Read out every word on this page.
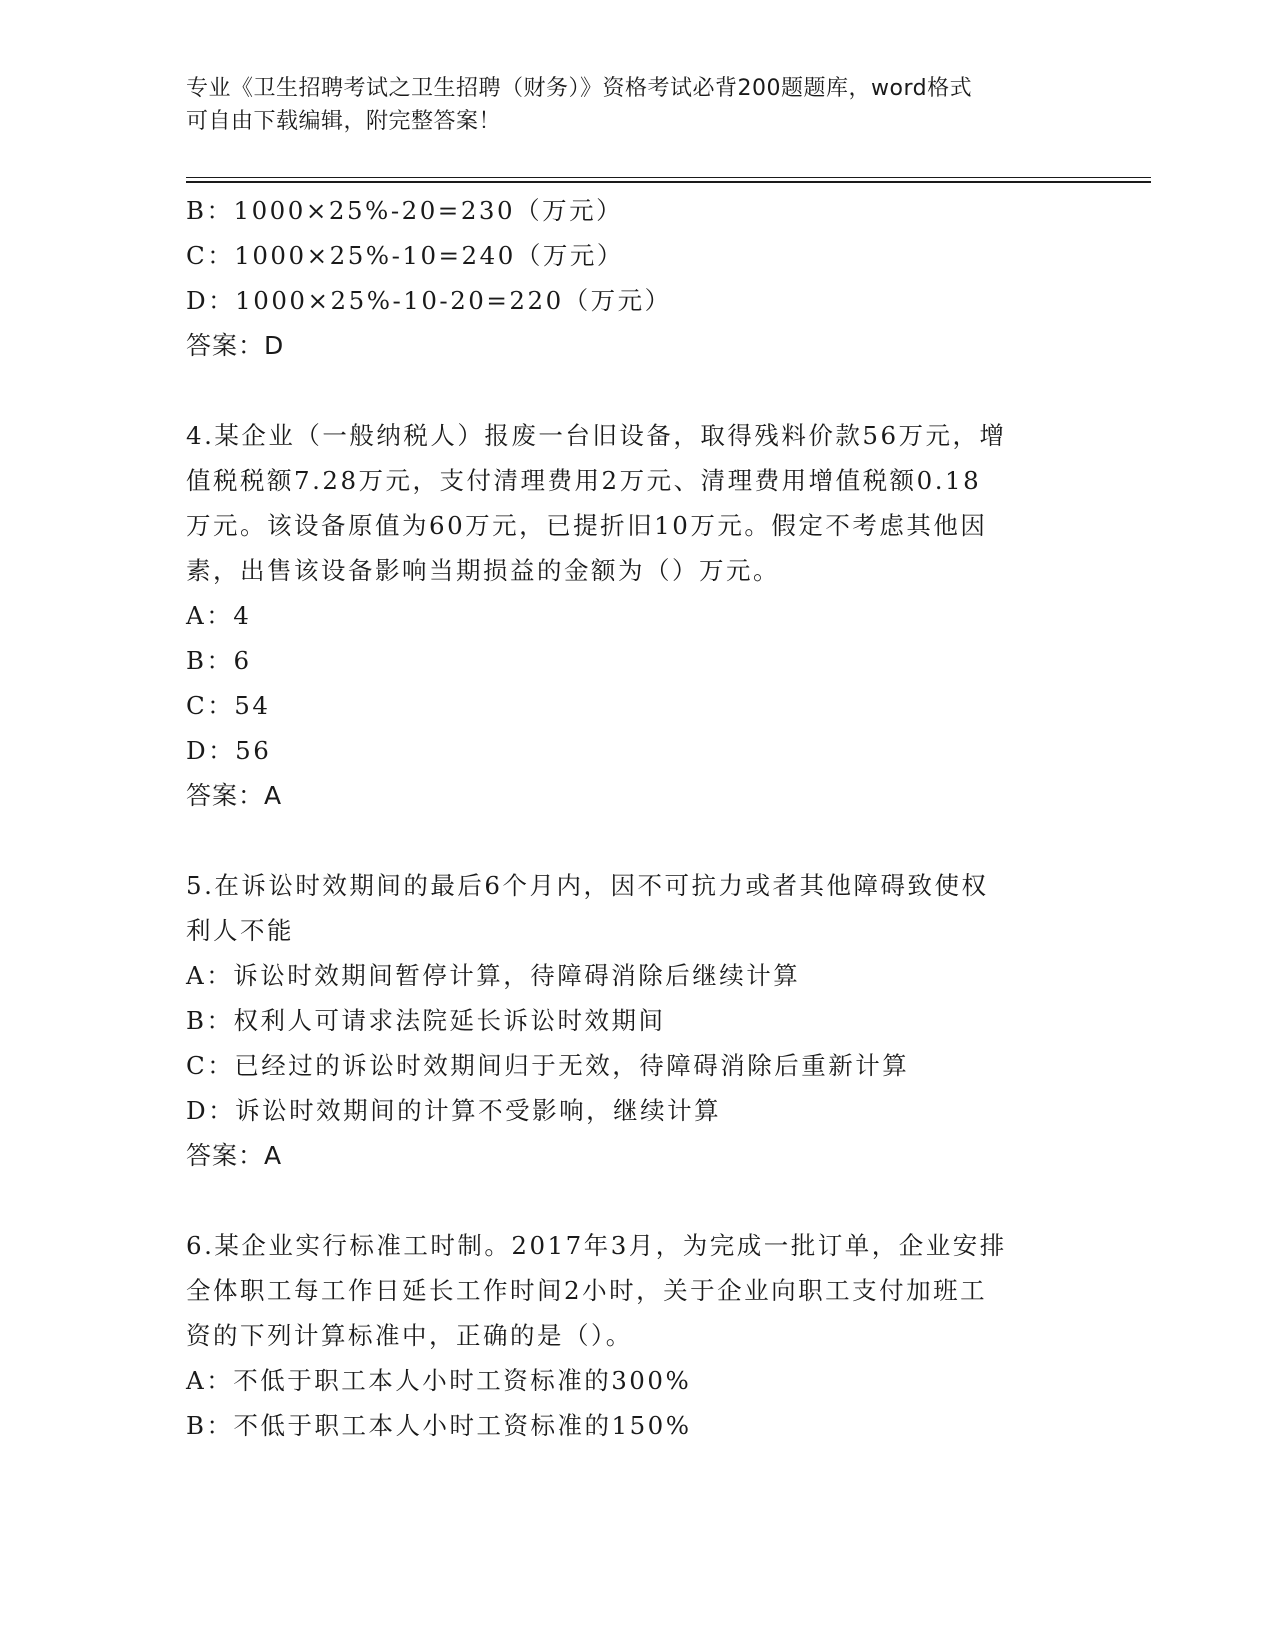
专业《卫生招聘考试之卫生招聘（财务）》资格考试必背200题题库，word格式
可自由下载编辑，附完整答案！
B：1000×25%-20=230（万元）
C：1000×25%-10=240（万元）
D：1000×25%-10-20=220（万元）
答案：D
4.某企业（一般纳税人）报废一台旧设备，取得残料价款56万元，增
值税税额7.28万元，支付清理费用2万元、清理费用增值税额0.18
万元。该设备原值为60万元，已提折旧10万元。假定不考虑其他因
素，出售该设备影响当期损益的金额为（）万元。
A：4
B：6
C：54
D：56
答案：A
5.在诉讼时效期间的最后6个月内，因不可抗力或者其他障碍致使权
利人不能
A：诉讼时效期间暂停计算，待障碍消除后继续计算
B：权利人可请求法院延长诉讼时效期间
C：已经过的诉讼时效期间归于无效，待障碍消除后重新计算
D：诉讼时效期间的计算不受影响，继续计算
答案：A
6.某企业实行标准工时制。2017年3月，为完成一批订单，企业安排
全体职工每工作日延长工作时间2小时，关于企业向职工支付加班工
资的下列计算标准中，正确的是（）。
A：不低于职工本人小时工资标准的300%
B：不低于职工本人小时工资标准的150%
